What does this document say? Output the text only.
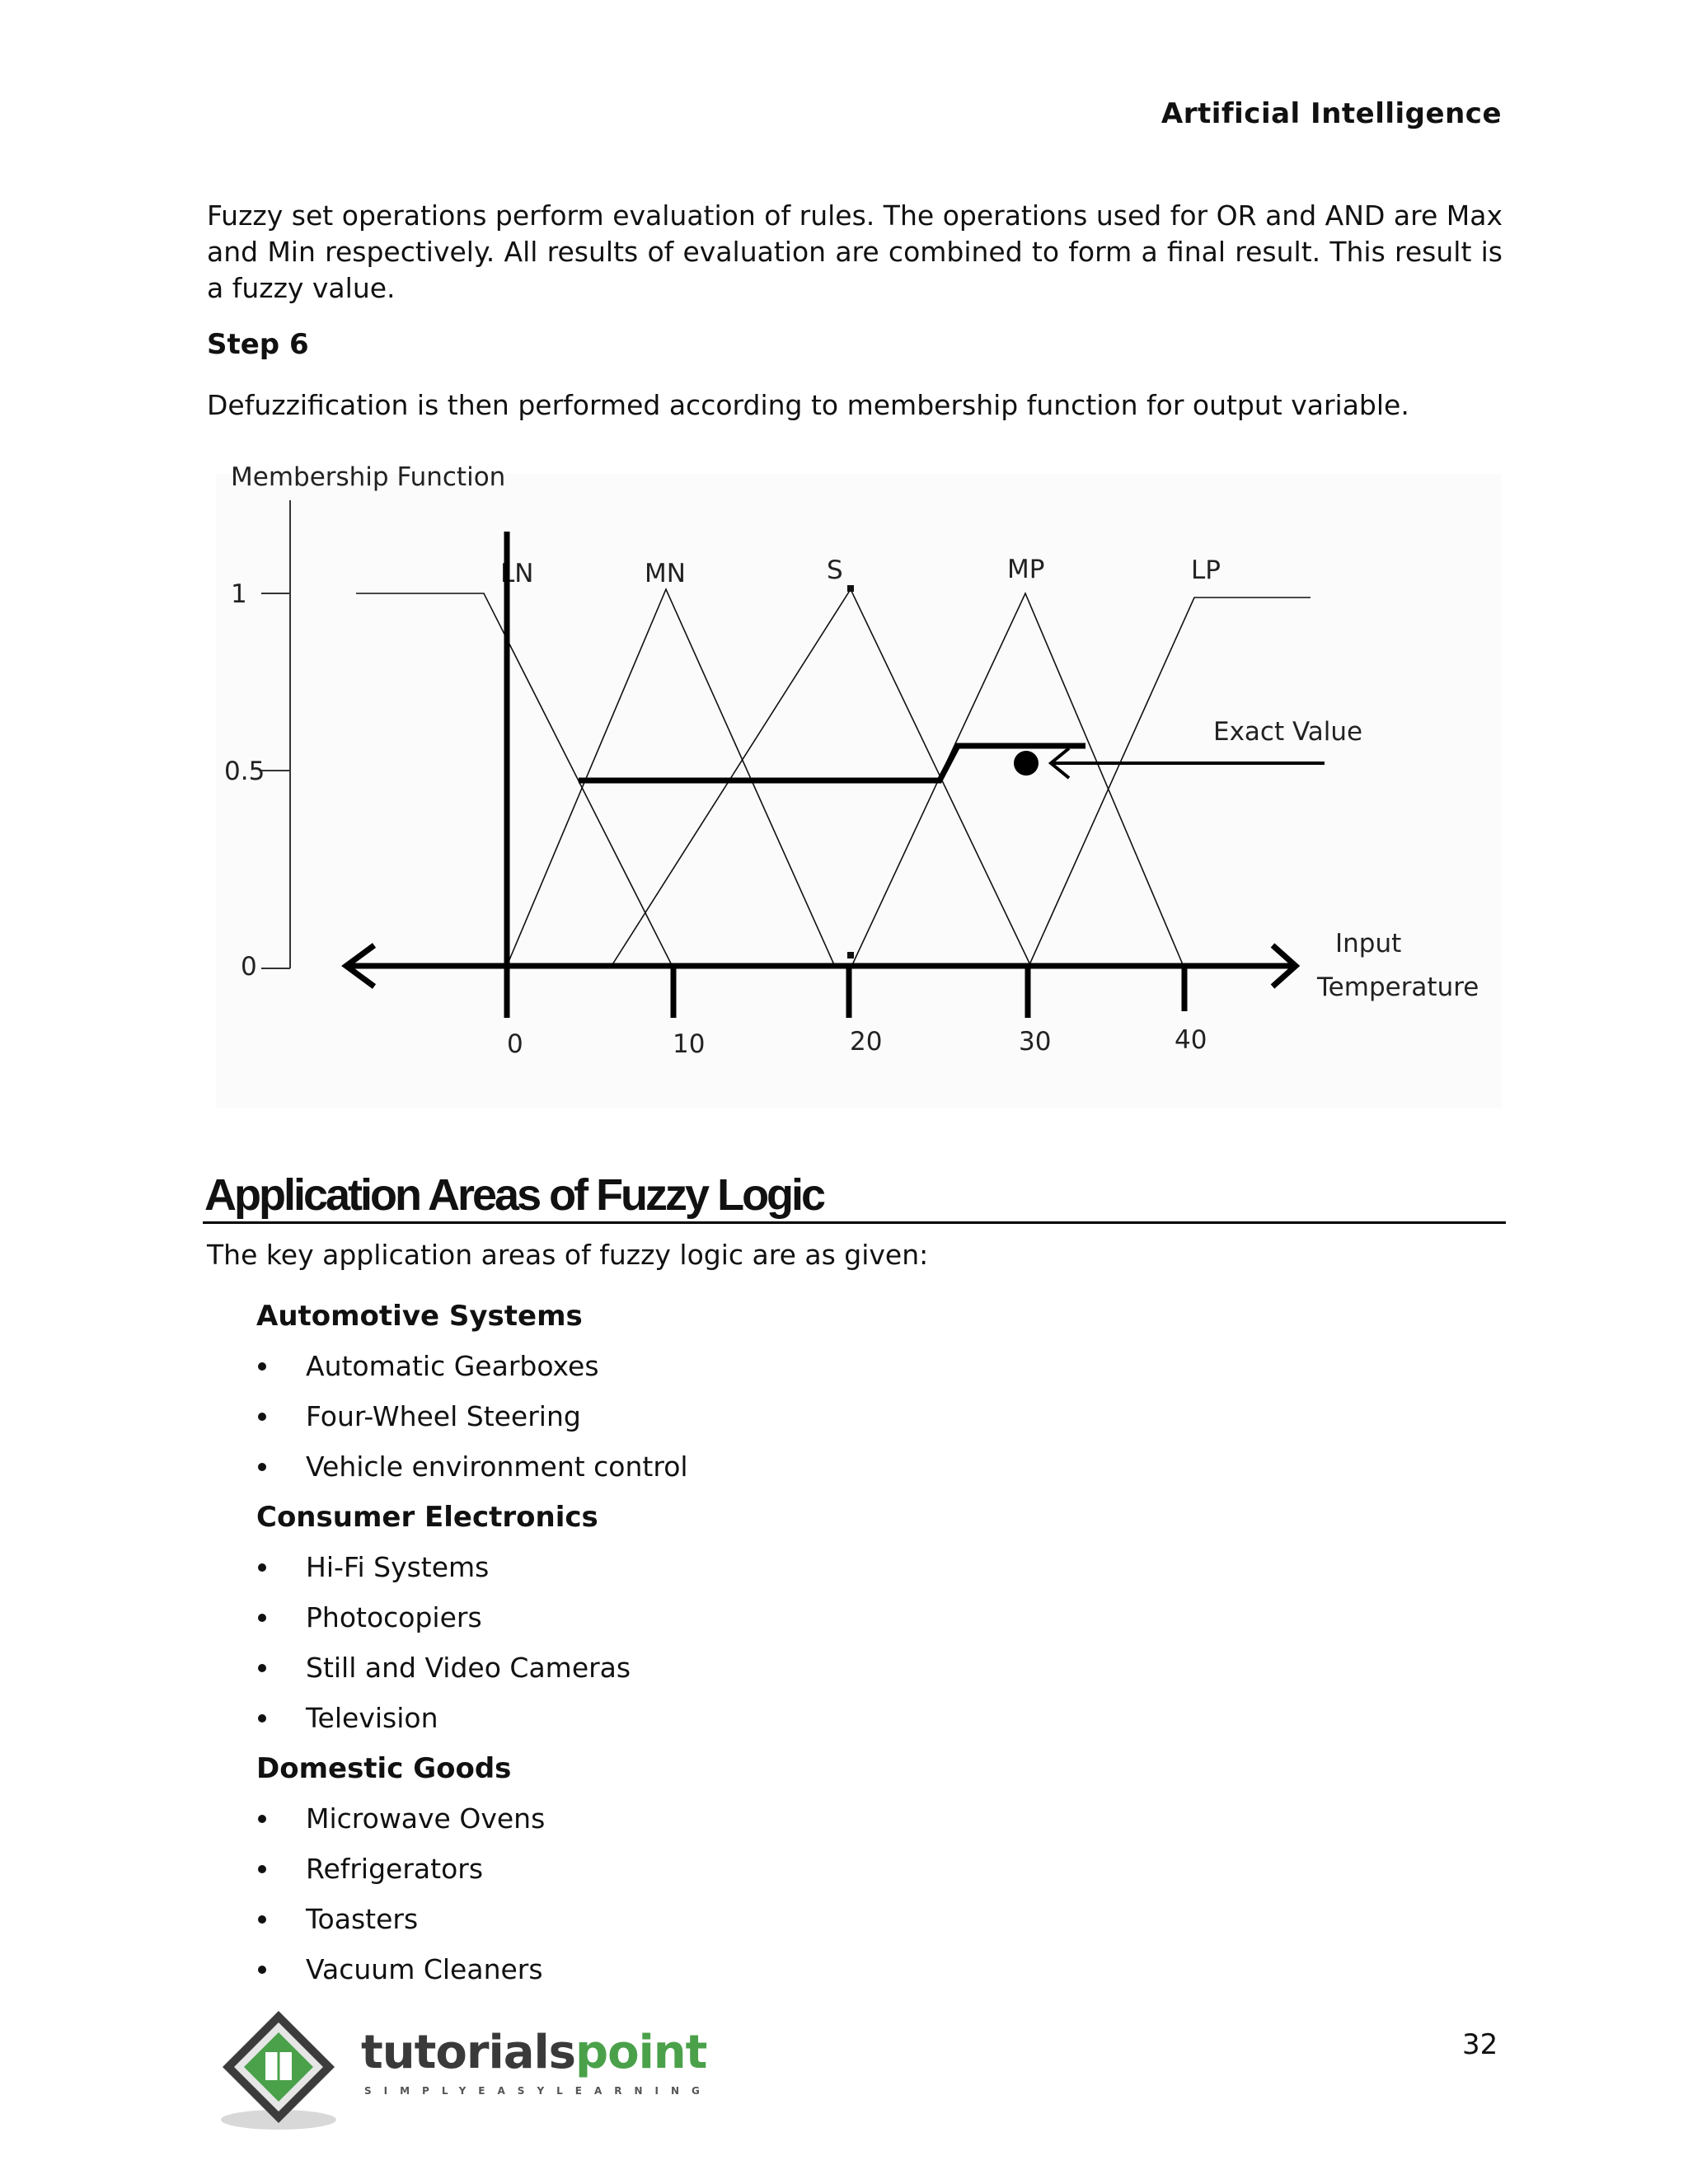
Artificial Intelligence

Fuzzy set operations perform evaluation of rules. The operations used for OR and AND are Max and Min respectively. All results of evaluation are combined to form a final result. This result is a fuzzy value.

Step 6

Defuzzification is then performed according to membership function for output variable.

Membership Function
1
0.5
0
Exact Value
LN	MN	S	MP	LP
0	10	20	30	40
Input
Temperature
Application Areas of Fuzzy Logic
The key application areas of fuzzy logic are as given:
Automotive Systems
Automatic Gearboxes
Four-Wheel Steering
Vehicle environment control
Consumer Electronics
Hi-Fi Systems
Photocopiers
Still and Video Cameras
Television
Domestic Goods
Microwave Ovens
Refrigerators
Toasters
Vacuum Cleaners
32
tutorialspoint
SIMPLYEASYLEARNING
